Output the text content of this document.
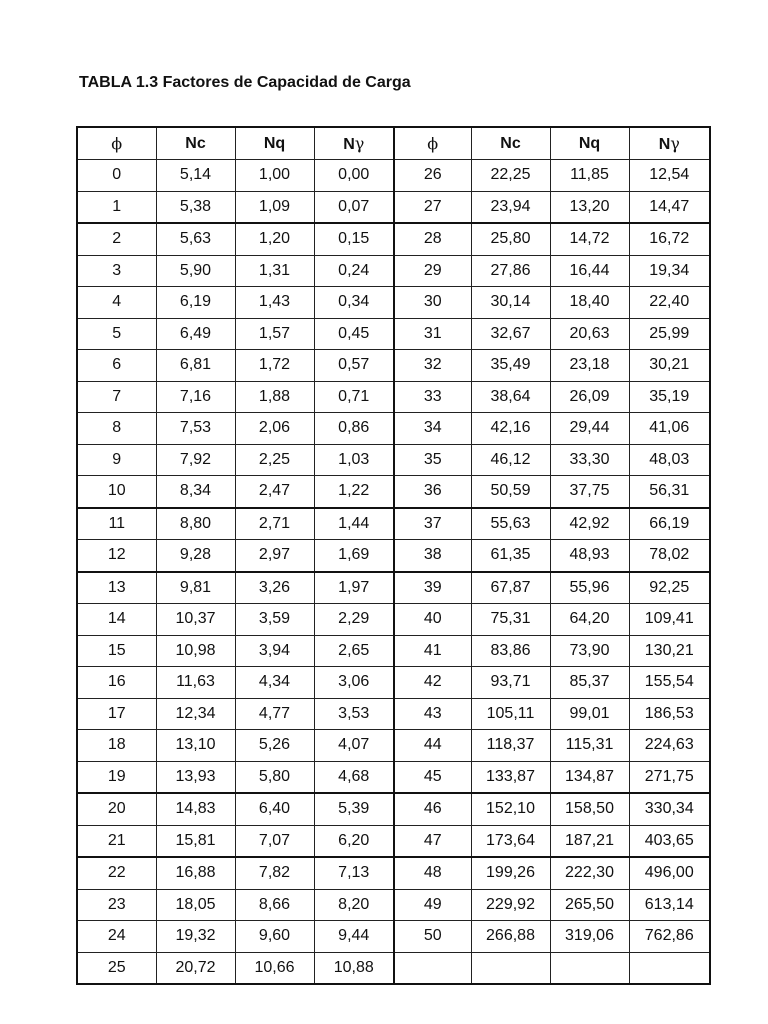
TABLA 1.3 Factores de Capacidad de Carga
ϕ	Nc	Nq	Nγ	ϕ	Nc	Nq	Nγ
0	5,14	1,00	0,00	26	22,25	11,85	12,54
1	5,38	1,09	0,07	27	23,94	13,20	14,47
2	5,63	1,20	0,15	28	25,80	14,72	16,72
3	5,90	1,31	0,24	29	27,86	16,44	19,34
4	6,19	1,43	0,34	30	30,14	18,40	22,40
5	6,49	1,57	0,45	31	32,67	20,63	25,99
6	6,81	1,72	0,57	32	35,49	23,18	30,21
7	7,16	1,88	0,71	33	38,64	26,09	35,19
8	7,53	2,06	0,86	34	42,16	29,44	41,06
9	7,92	2,25	1,03	35	46,12	33,30	48,03
10	8,34	2,47	1,22	36	50,59	37,75	56,31
11	8,80	2,71	1,44	37	55,63	42,92	66,19
12	9,28	2,97	1,69	38	61,35	48,93	78,02
13	9,81	3,26	1,97	39	67,87	55,96	92,25
14	10,37	3,59	2,29	40	75,31	64,20	109,41
15	10,98	3,94	2,65	41	83,86	73,90	130,21
16	11,63	4,34	3,06	42	93,71	85,37	155,54
17	12,34	4,77	3,53	43	105,11	99,01	186,53
18	13,10	5,26	4,07	44	118,37	115,31	224,63
19	13,93	5,80	4,68	45	133,87	134,87	271,75
20	14,83	6,40	5,39	46	152,10	158,50	330,34
21	15,81	7,07	6,20	47	173,64	187,21	403,65
22	16,88	7,82	7,13	48	199,26	222,30	496,00
23	18,05	8,66	8,20	49	229,92	265,50	613,14
24	19,32	9,60	9,44	50	266,88	319,06	762,86
25	20,72	10,66	10,88				
